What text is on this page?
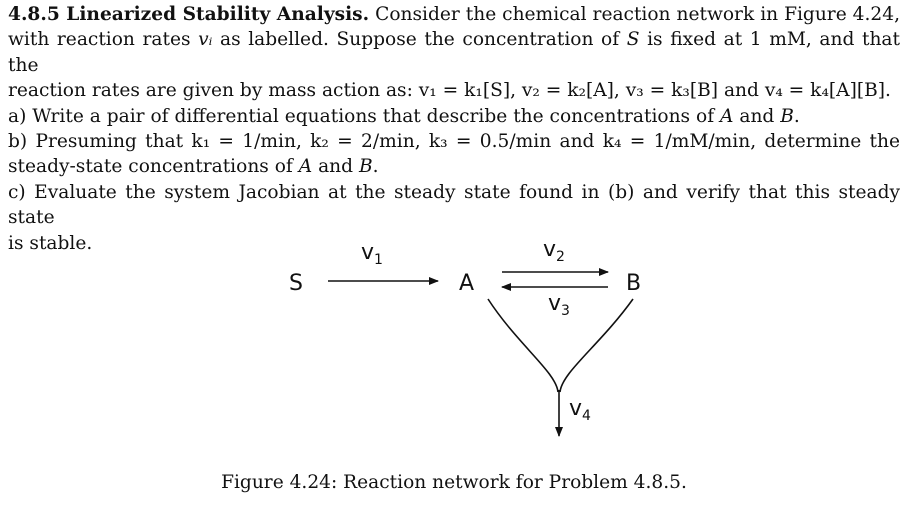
4.8.5 Linearized Stability Analysis. Consider the chemical reaction network in Figure 4.24,
with reaction rates vᵢ as labelled. Suppose the concentration of S is fixed at 1 mM, and that the
reaction rates are given by mass action as: v₁ = k₁[S], v₂ = k₂[A], v₃ = k₃[B] and v₄ = k₄[A][B].
a) Write a pair of differential equations that describe the concentrations of A and B.
b) Presuming that k₁ = 1/min, k₂ = 2/min, k₃ = 0.5/min and k₄ = 1/mM/min, determine the
steady-state concentrations of A and B.
c) Evaluate the system Jacobian at the steady state found in (b) and verify that this steady state
is stable.
S	A	B
$v_1$	$v_2$
$v_3$
$v_4$
Figure 4.24: Reaction network for Problem 4.8.5.
